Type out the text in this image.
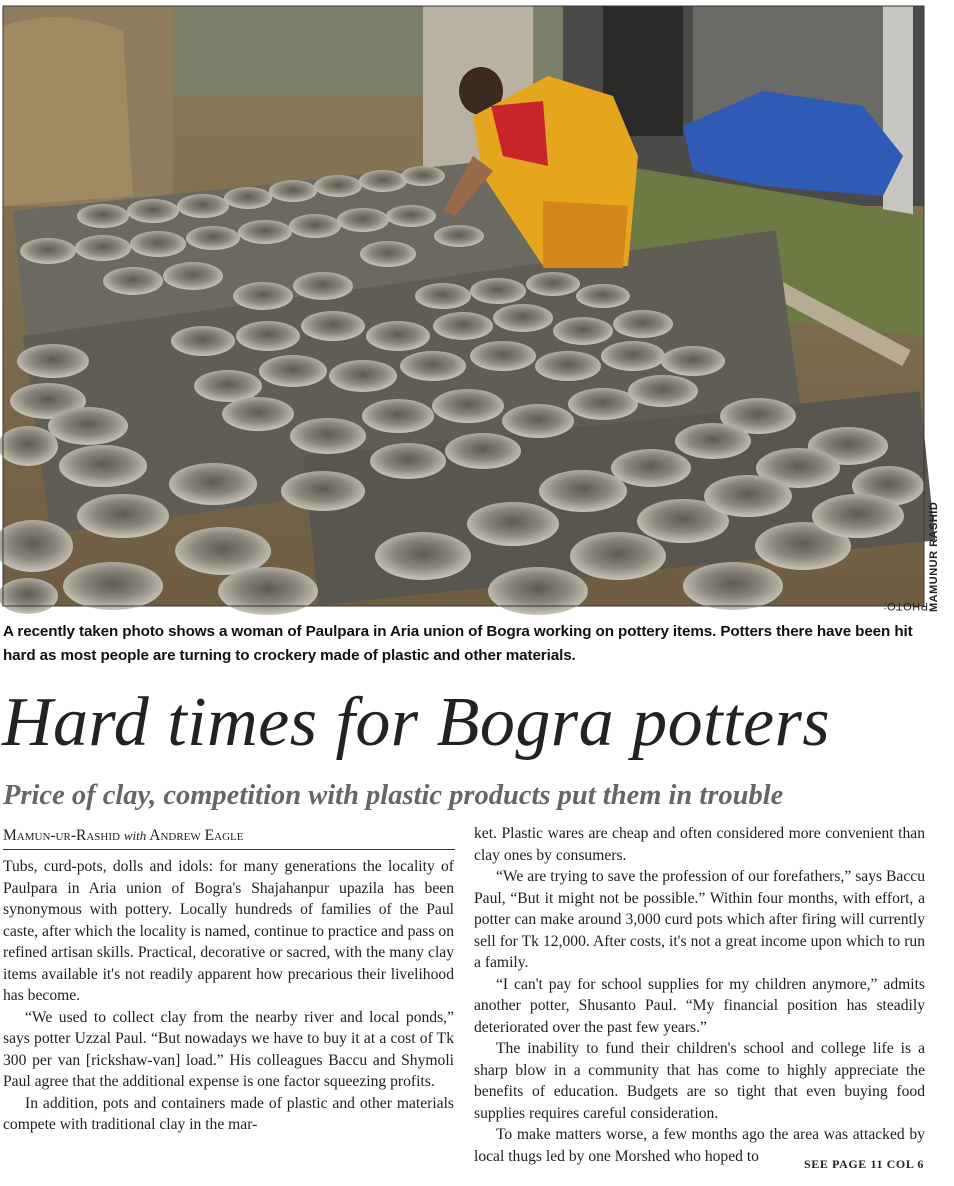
PHOTO: MAMUNUR RASHID
A recently taken photo shows a woman of Paulpara in Aria union of Bogra working on pottery items. Potters there have been hit hard as most people are turning to crockery made of plastic and other materials.
Hard times for Bogra potters
Price of clay, competition with plastic products put them in trouble
Mamun-ur-Rashid with Andrew Eagle

Tubs, curd-pots, dolls and idols: for many generations the locality of Paulpara in Aria union of Bogra's Shajahanpur upazila has been synonymous with pottery. Locally hundreds of families of the Paul caste, after which the locality is named, continue to practice and pass on refined artisan skills. Practical, decorative or sacred, with the many clay items available it's not readily apparent how precarious their livelihood has become.

“We used to collect clay from the nearby river and local ponds,” says potter Uzzal Paul. “But nowadays we have to buy it at a cost of Tk 300 per van [rickshaw-van] load.” His colleagues Baccu and Shymoli Paul agree that the additional expense is one factor squeezing profits.

In addition, pots and containers made of plastic and other materials compete with traditional clay in the mar-

ket. Plastic wares are cheap and often considered more convenient than clay ones by consumers.

“We are trying to save the profession of our forefathers,” says Baccu Paul, “But it might not be possible.” Within four months, with effort, a potter can make around 3,000 curd pots which after firing will currently sell for Tk 12,000. After costs, it's not a great income upon which to run a family.

“I can't pay for school supplies for my children anymore,” admits another potter, Shusanto Paul. “My financial position has steadily deteriorated over the past few years.”

The inability to fund their children's school and college life is a sharp blow in a community that has come to highly appreciate the benefits of education. Budgets are so tight that even buying food supplies requires careful consideration.

To make matters worse, a few months ago the area was attacked by local thugs led by one Morshed who hoped to	SEE PAGE 11 COL 6
